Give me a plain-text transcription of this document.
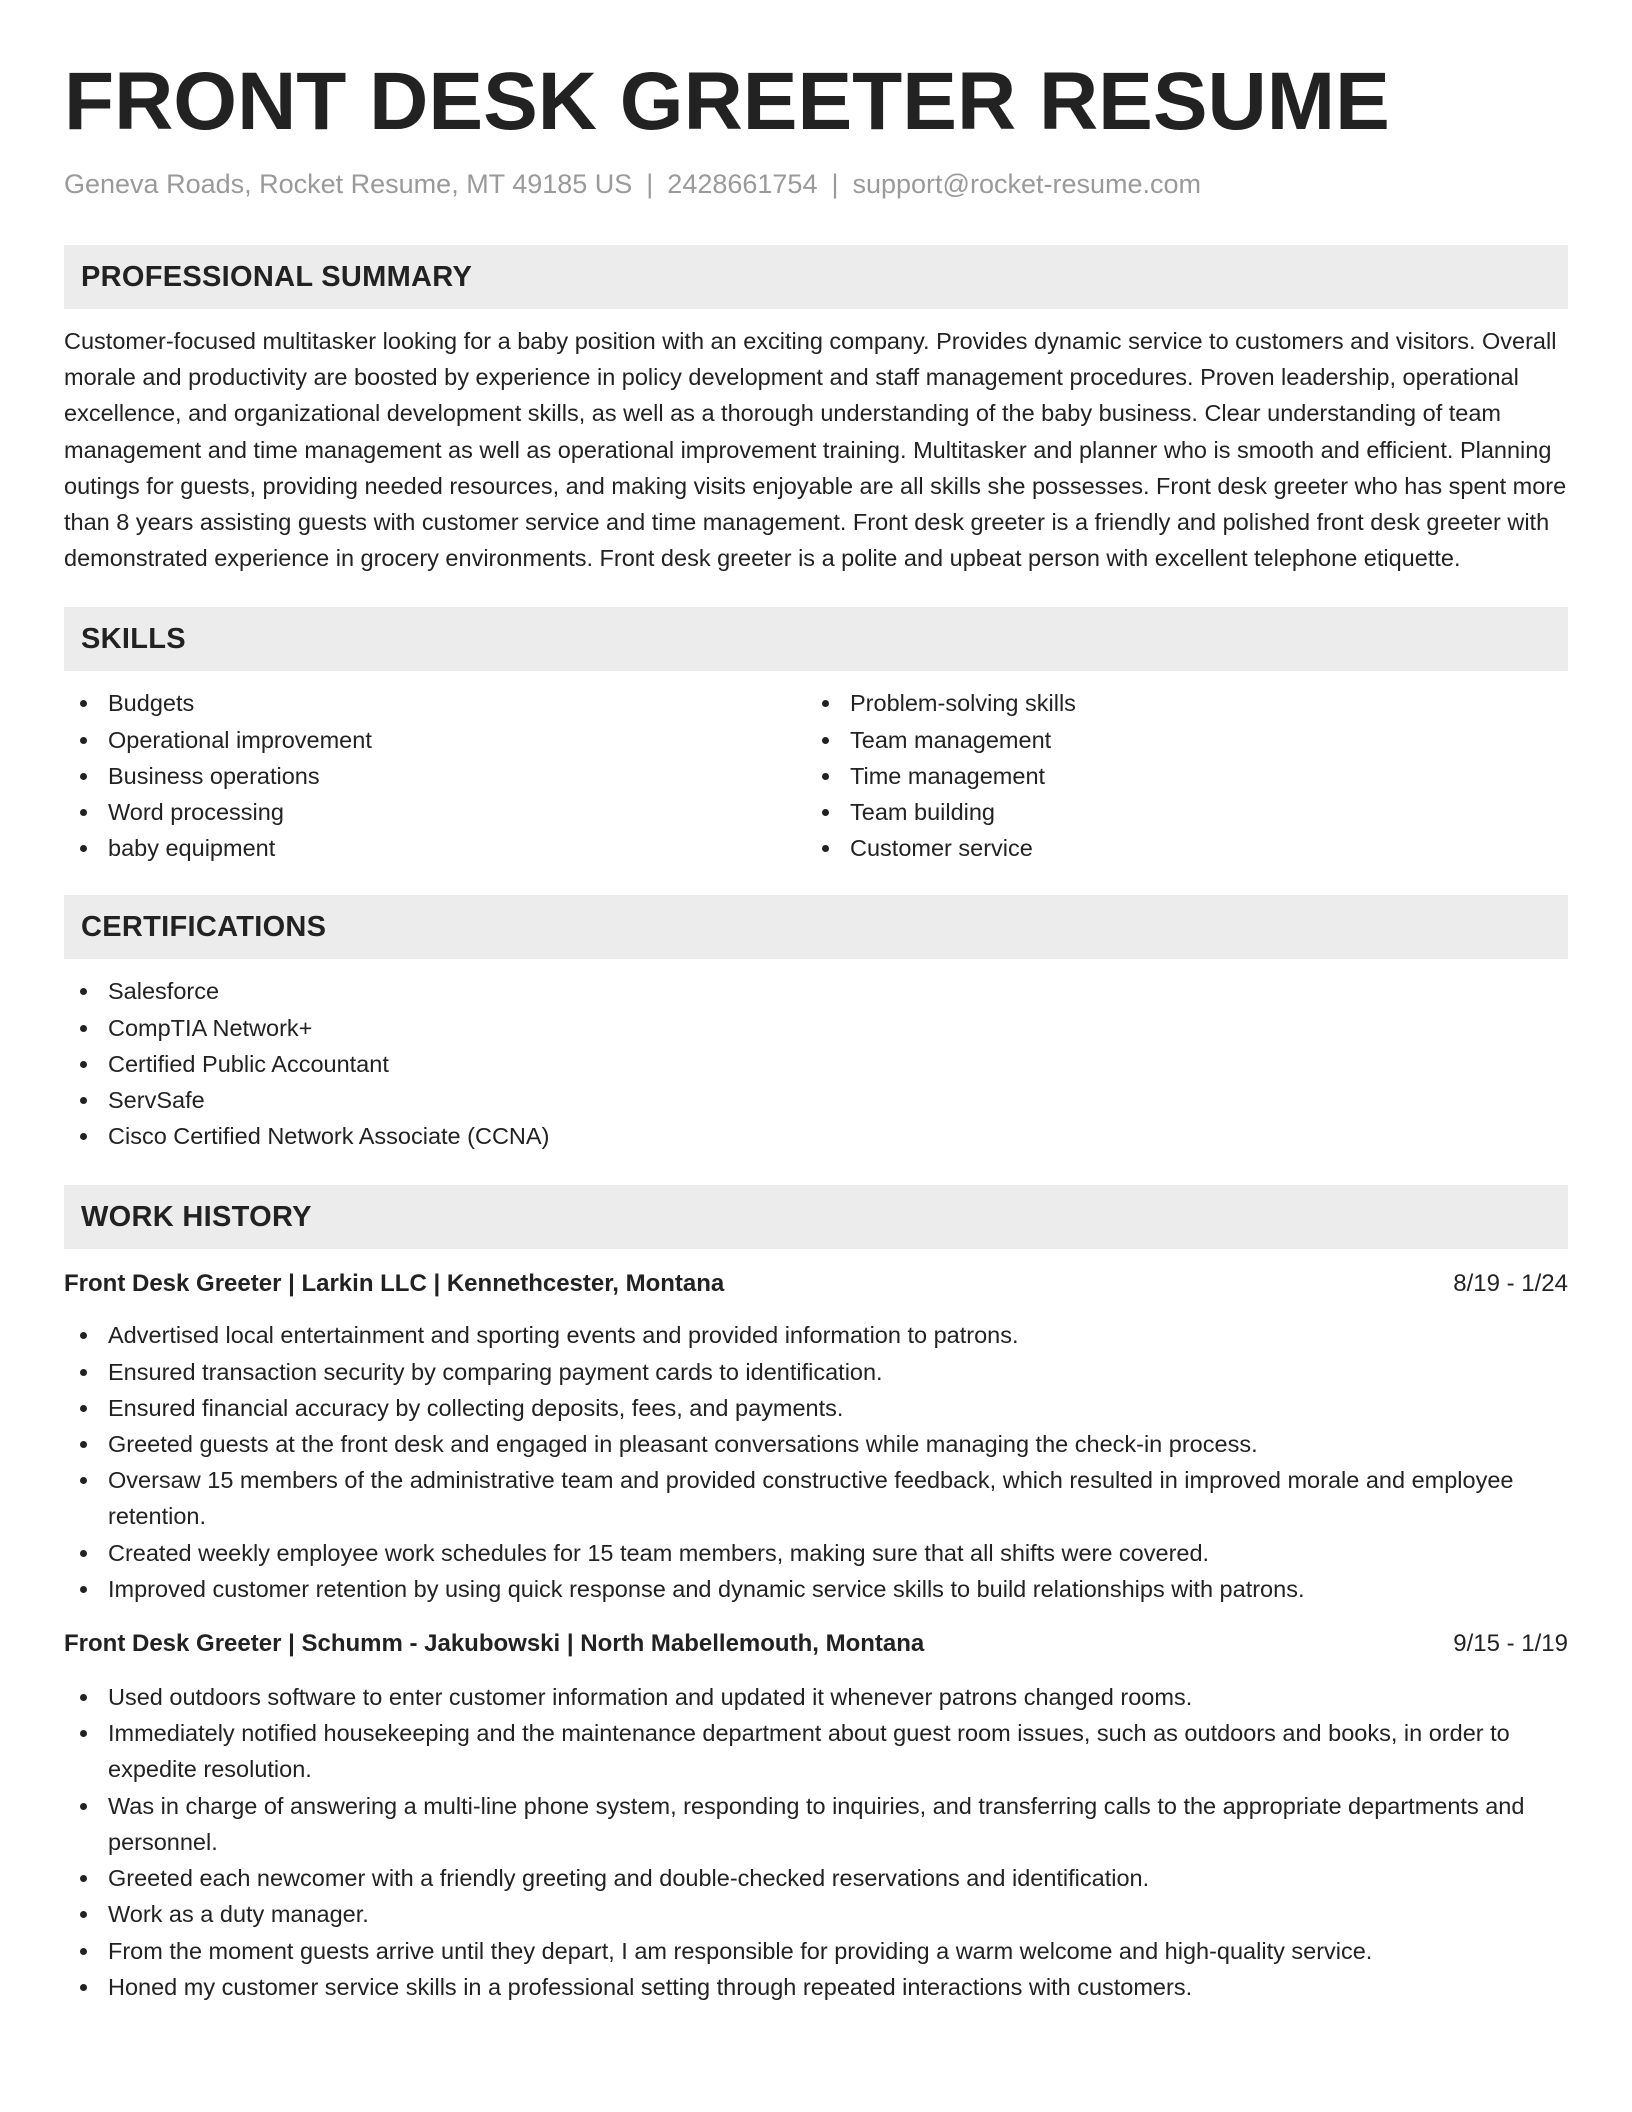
FRONT DESK GREETER RESUME
Geneva Roads, Rocket Resume, MT 49185 US | 2428661754 | support@rocket-resume.com
PROFESSIONAL SUMMARY

Customer-focused multitasker looking for a baby position with an exciting company. Provides dynamic service to customers and visitors. Overall morale and productivity are boosted by experience in policy development and staff management procedures. Proven leadership, operational excellence, and organizational development skills, as well as a thorough understanding of the baby business. Clear understanding of team management and time management as well as operational improvement training. Multitasker and planner who is smooth and efficient. Planning outings for guests, providing needed resources, and making visits enjoyable are all skills she possesses. Front desk greeter who has spent more than 8 years assisting guests with customer service and time management. Front desk greeter is a friendly and polished front desk greeter with demonstrated experience in grocery environments. Front desk greeter is a polite and upbeat person with excellent telephone etiquette.

SKILLS
Budgets
Operational improvement
Business operations
Word processing
baby equipment
Problem-solving skills
Team management
Time management
Team building
Customer service
CERTIFICATIONS
Salesforce
CompTIA Network+
Certified Public Accountant
ServSafe
Cisco Certified Network Associate (CCNA)
WORK HISTORY
Front Desk Greeter | Larkin LLC | Kennethcester, Montana	8/19 - 1/24
Advertised local entertainment and sporting events and provided information to patrons.
Ensured transaction security by comparing payment cards to identification.
Ensured financial accuracy by collecting deposits, fees, and payments.
Greeted guests at the front desk and engaged in pleasant conversations while managing the check-in process.
Oversaw 15 members of the administrative team and provided constructive feedback, which resulted in improved morale and employee retention.
Created weekly employee work schedules for 15 team members, making sure that all shifts were covered.
Improved customer retention by using quick response and dynamic service skills to build relationships with patrons.
Front Desk Greeter | Schumm - Jakubowski | North Mabellemouth, Montana	9/15 - 1/19
Used outdoors software to enter customer information and updated it whenever patrons changed rooms.
Immediately notified housekeeping and the maintenance department about guest room issues, such as outdoors and books, in order to expedite resolution.
Was in charge of answering a multi-line phone system, responding to inquiries, and transferring calls to the appropriate departments and personnel.
Greeted each newcomer with a friendly greeting and double-checked reservations and identification.
Work as a duty manager.
From the moment guests arrive until they depart, I am responsible for providing a warm welcome and high-quality service.
Honed my customer service skills in a professional setting through repeated interactions with customers.
